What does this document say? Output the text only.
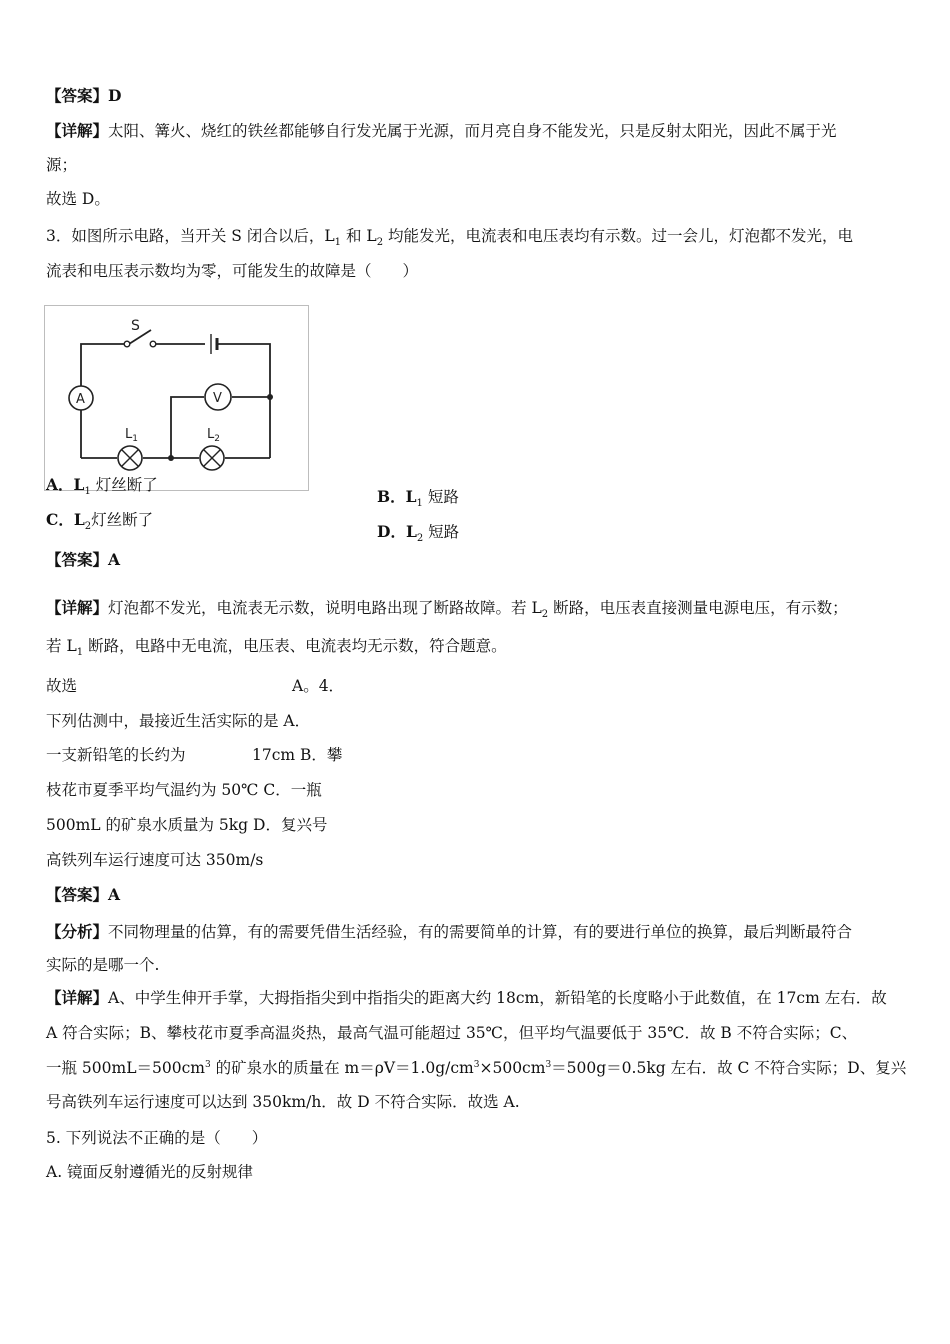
【答案】D
【详解】太阳、篝火、烧红的铁丝都能够自行发光属于光源，而月亮自身不能发光，只是反射太阳光，因此不属于光
源；
故选 D。
3．如图所示电路，当开关 S 闭合以后，$L_1$ 和 $L_2$ 均能发光，电流表和电压表均有示数。过一会儿，灯泡都不发光，电
流表和电压表示数均为零，可能发生的故障是（　　）
S
A	V
$L_1$	$L_2$
A．$L_1$ 灯丝断了
B．$L_1$ 短路
C．$L_2$灯丝断了
D．$L_2$ 短路
【答案】A
【详解】灯泡都不发光，电流表无示数，说明电路出现了断路故障。若 $L_2$ 断路，电压表直接测量电源电压，有示数；
若 $L_1$ 断路，电路中无电流，电压表、电流表均无示数，符合题意。
故选	A。4．
下列估测中，最接近生活实际的是 A．
一支新铅笔的长约为	17cm B．攀
枝花市夏季平均气温约为 50℃ C．一瓶
500mL 的矿泉水质量为 5kg D．复兴号
高铁列车运行速度可达 350m/s
【答案】A
【分析】不同物理量的估算，有的需要凭借生活经验，有的需要简单的计算，有的要进行单位的换算，最后判断最符合
实际的是哪一个.
【详解】A、中学生伸开手掌，大拇指指尖到中指指尖的距离大约 18cm，新铅笔的长度略小于此数值，在 17cm 左右．故
A 符合实际；B、攀枝花市夏季高温炎热，最高气温可能超过 35℃，但平均气温要低于 35℃．故 B 不符合实际；C、
一瓶 $500mL=500cm^3$ 的矿泉水的质量在 $m=\rho V=1.0g/cm^3\times 500cm^3=500g=0.5kg$ 左右．故 C 不符合实际；D、复兴
号高铁列车运行速度可以达到 350km/h．故 D 不符合实际．故选 A.
5. 下列说法不正确的是（　　）
A. 镜面反射遵循光的反射规律
